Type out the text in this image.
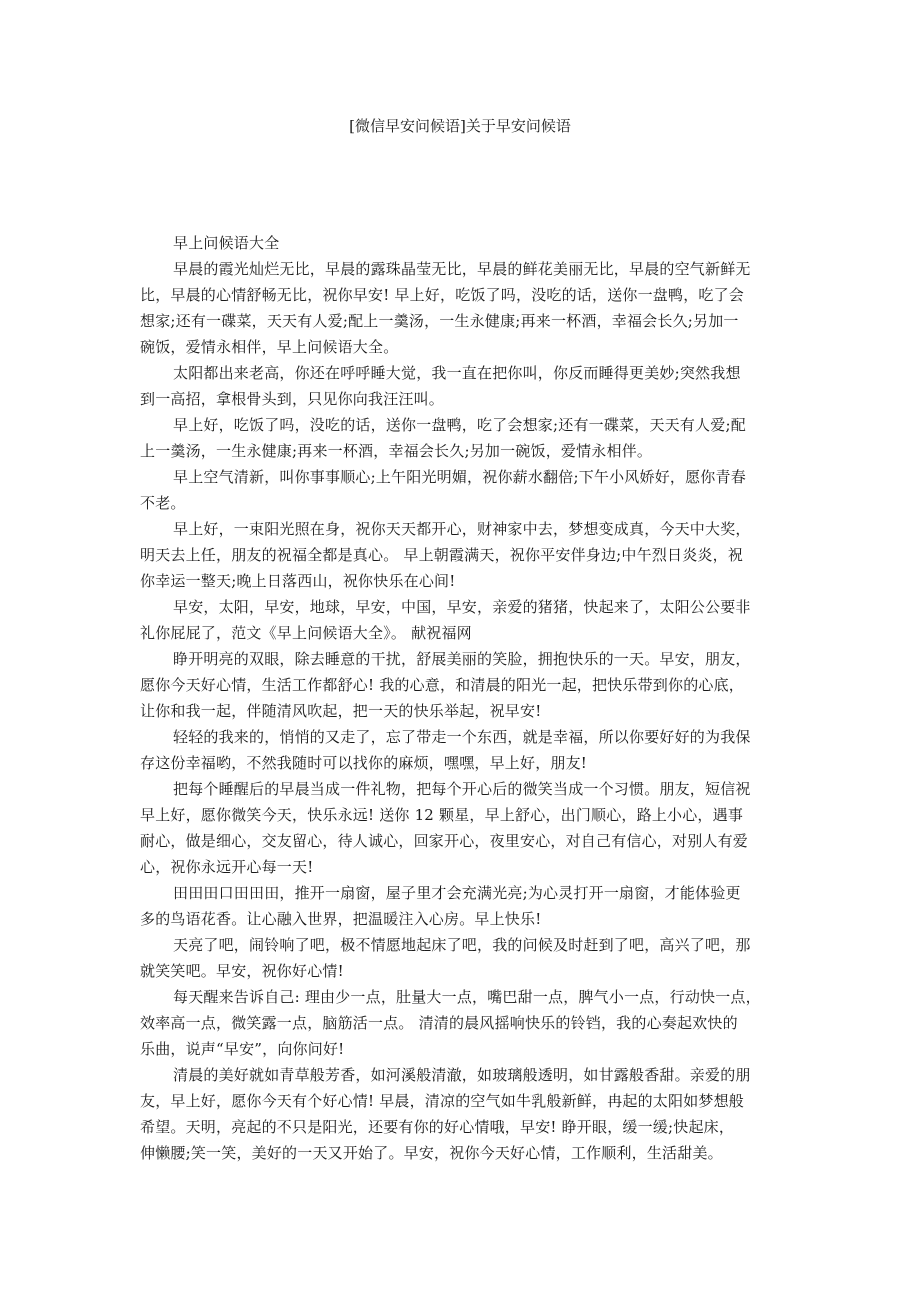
[微信早安问候语]关于早安问候语
早上问候语大全
早晨的霞光灿烂无比，早晨的露珠晶莹无比，早晨的鲜花美丽无比，早晨的空气新鲜无
比，早晨的心情舒畅无比，祝你早安! 早上好，吃饭了吗，没吃的话，送你一盘鸭，吃了会
想家;还有一碟菜，天天有人爱;配上一羹汤，一生永健康;再来一杯酒，幸福会长久;另加一
碗饭，爱情永相伴，早上问候语大全。
太阳都出来老高，你还在呼呼睡大觉，我一直在把你叫，你反而睡得更美妙;突然我想
到一高招，拿根骨头到，只见你向我汪汪叫。
早上好，吃饭了吗，没吃的话，送你一盘鸭，吃了会想家;还有一碟菜，天天有人爱;配
上一羹汤，一生永健康;再来一杯酒，幸福会长久;另加一碗饭，爱情永相伴。
早上空气清新，叫你事事顺心;上午阳光明媚，祝你薪水翻倍;下午小风娇好，愿你青春
不老。
早上好，一束阳光照在身，祝你天天都开心，财神家中去，梦想变成真，今天中大奖，
明天去上任，朋友的祝福全都是真心。 早上朝霞满天，祝你平安伴身边;中午烈日炎炎，祝
你幸运一整天;晚上日落西山，祝你快乐在心间!
早安，太阳，早安，地球，早安，中国，早安，亲爱的猪猪，快起来了，太阳公公要非
礼你屁屁了，范文《早上问候语大全》。 献祝福网
睁开明亮的双眼，除去睡意的干扰，舒展美丽的笑脸，拥抱快乐的一天。早安，朋友，
愿你今天好心情，生活工作都舒心! 我的心意，和清晨的阳光一起，把快乐带到你的心底，
让你和我一起，伴随清风吹起，把一天的快乐举起，祝早安!
轻轻的我来的，悄悄的又走了，忘了带走一个东西，就是幸福，所以你要好好的为我保
存这份幸福哟，不然我随时可以找你的麻烦，嘿嘿，早上好，朋友!
把每个睡醒后的早晨当成一件礼物，把每个开心后的微笑当成一个习惯。朋友，短信祝
早上好，愿你微笑今天，快乐永远! 送你 12 颗星，早上舒心，出门顺心，路上小心，遇事
耐心，做是细心，交友留心，待人诚心，回家开心，夜里安心，对自己有信心，对别人有爱
心，祝你永远开心每一天!
田田田口田田田，推开一扇窗，屋子里才会充满光亮;为心灵打开一扇窗，才能体验更
多的鸟语花香。让心融入世界，把温暖注入心房。早上快乐!
天亮了吧，闹铃响了吧，极不情愿地起床了吧，我的问候及时赶到了吧，高兴了吧，那
就笑笑吧。早安，祝你好心情!
每天醒来告诉自己: 理由少一点，肚量大一点，嘴巴甜一点，脾气小一点，行动快一点，
效率高一点，微笑露一点，脑筋活一点。 清清的晨风摇响快乐的铃铛，我的心奏起欢快的
乐曲，说声“早安”，向你问好!
清晨的美好就如青草般芳香，如河溪般清澈，如玻璃般透明，如甘露般香甜。亲爱的朋
友，早上好，愿你今天有个好心情! 早晨，清凉的空气如牛乳般新鲜，冉起的太阳如梦想般
希望。天明，亮起的不只是阳光，还要有你的好心情哦，早安! 睁开眼，缓一缓;快起床，
伸懒腰;笑一笑，美好的一天又开始了。早安，祝你今天好心情，工作顺利，生活甜美。
